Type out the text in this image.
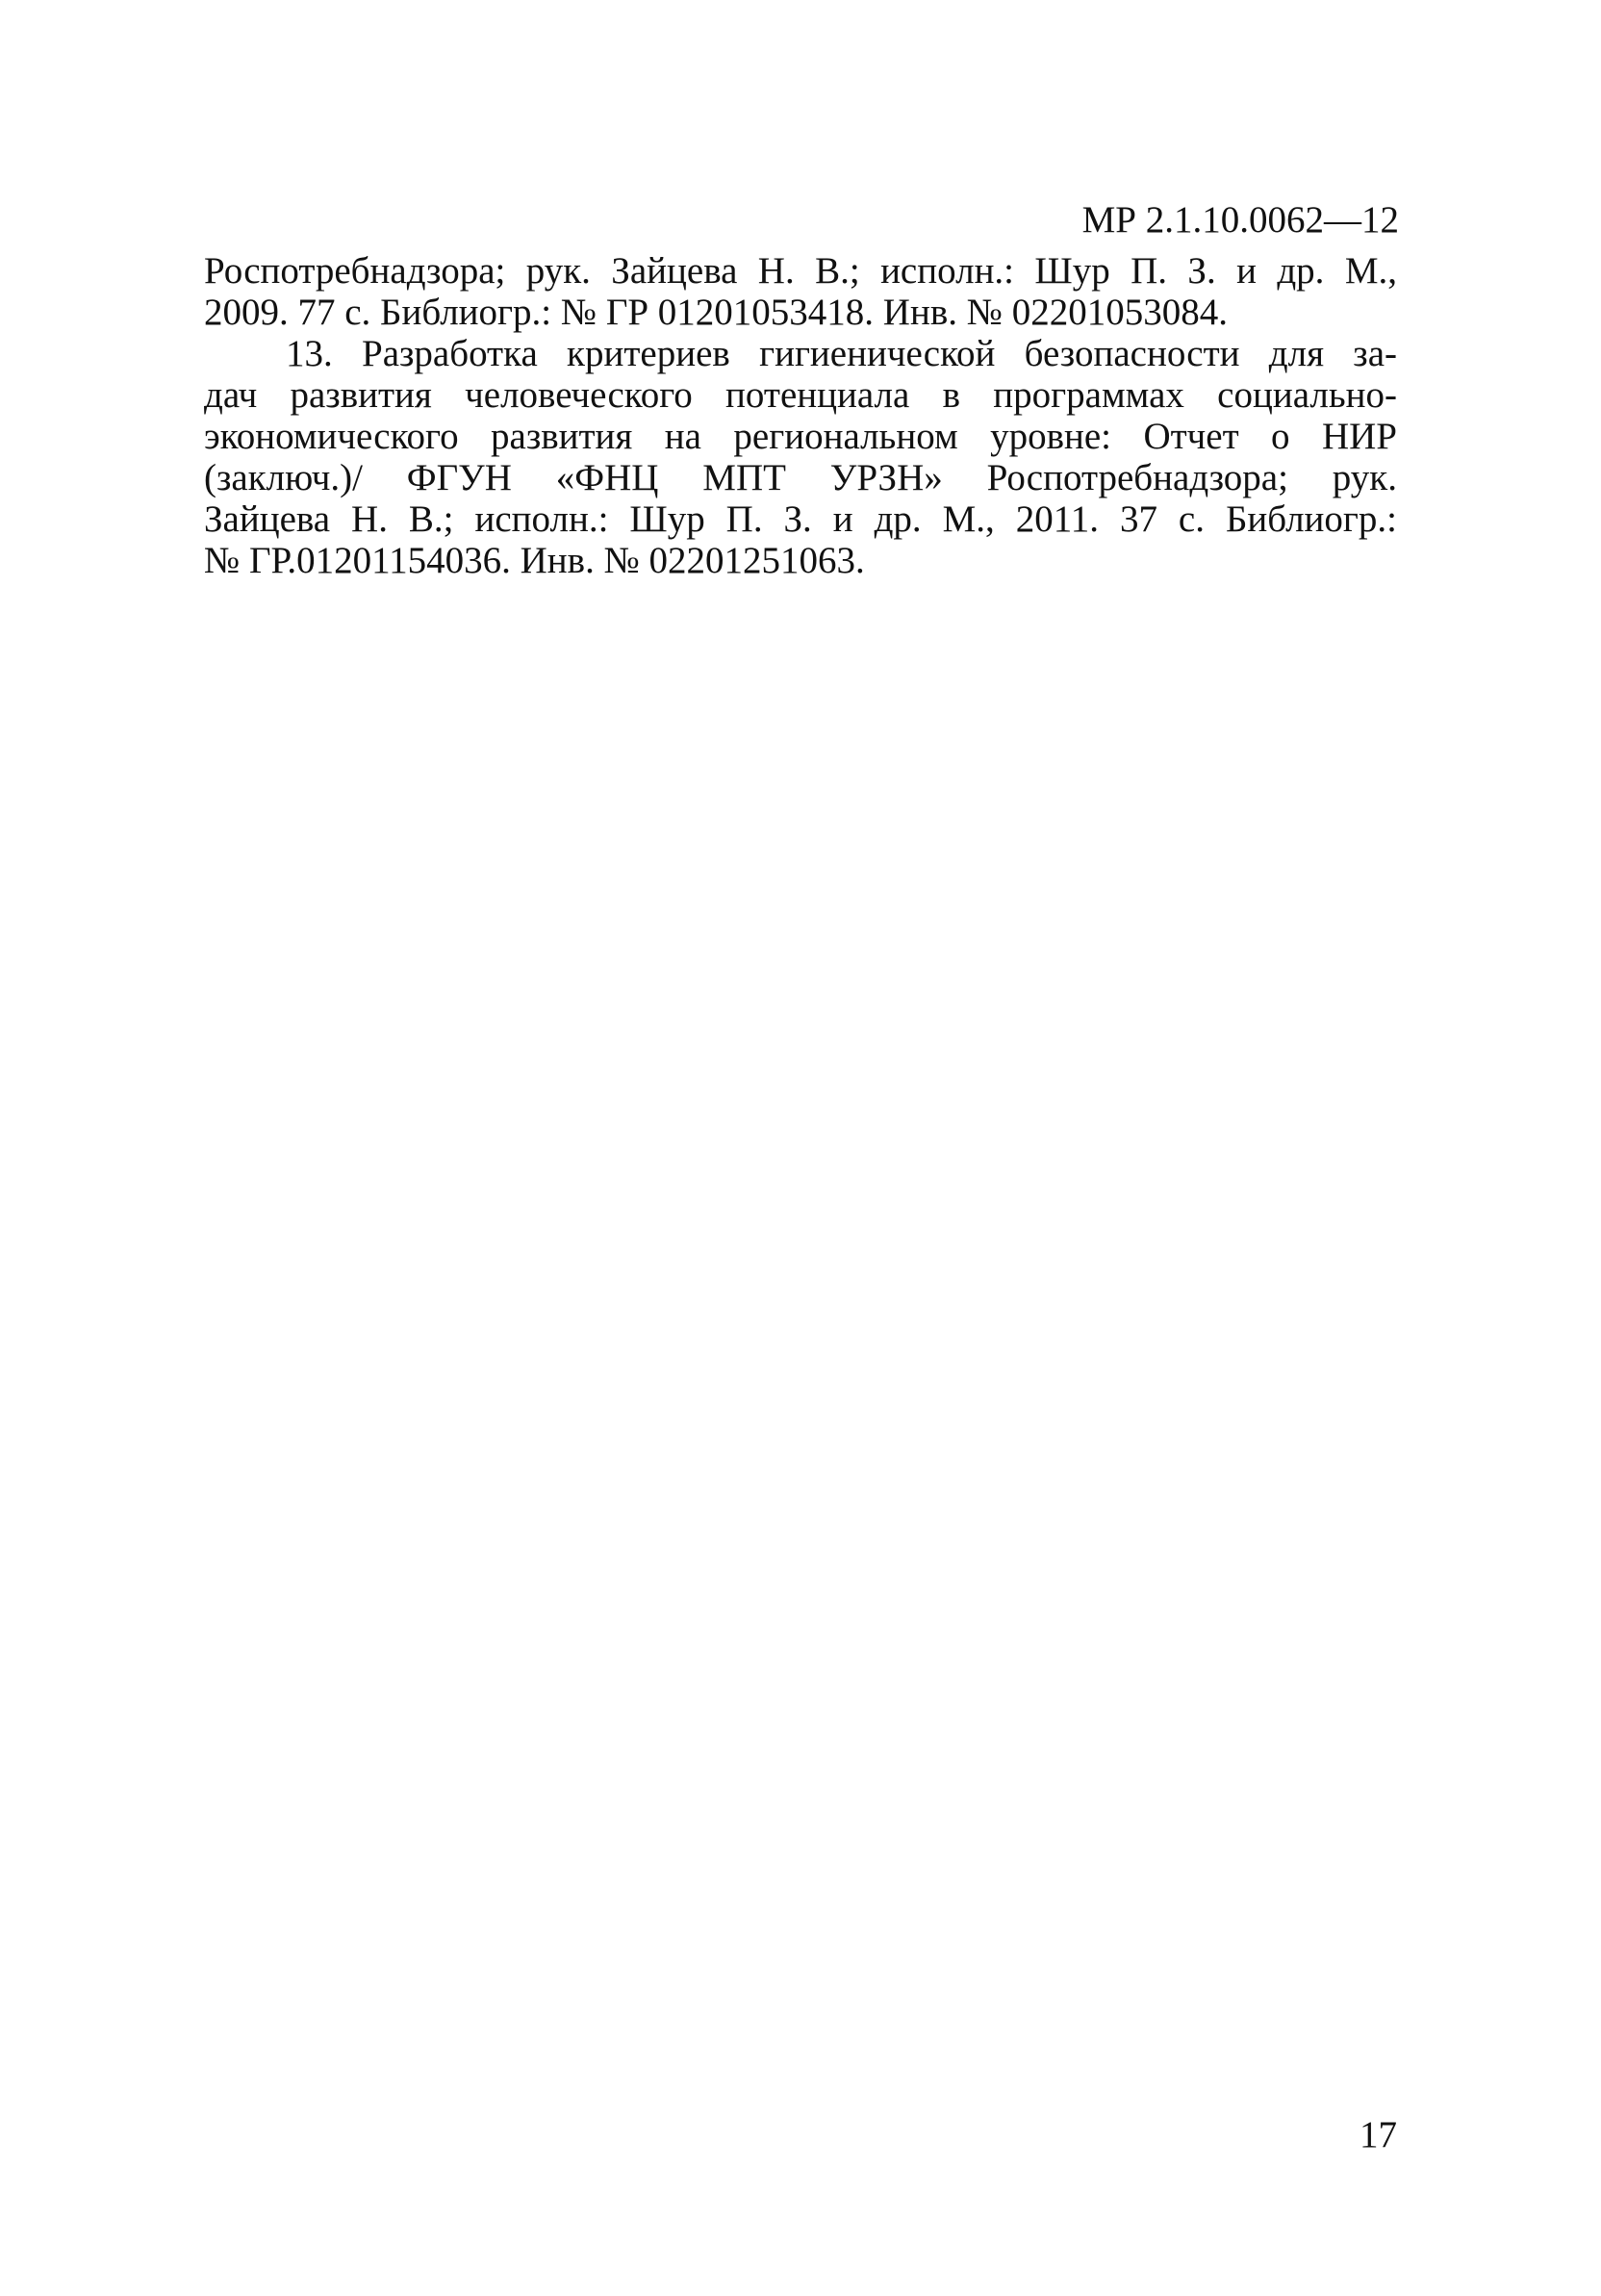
МР 2.1.10.0062—12

Роспотребнадзора; рук. Зайцева Н. В.; исполн.: Шур П. З. и др. М.,
2009. 77 с. Библиогр.: № ГР 01201053418. Инв. № 02201053084.

13. Разработка критериев гигиенической безопасности для за-
дач развития человеческого потенциала в программах социально-
экономического развития на региональном уровне: Отчет о НИР
(заключ.)/ ФГУН «ФНЦ МПТ УРЗН» Роспотребнадзора; рук.
Зайцева Н. В.; исполн.: Шур П. З. и др. М., 2011. 37 с. Библиогр.:
№ ГР.01201154036. Инв. № 02201251063.

17
